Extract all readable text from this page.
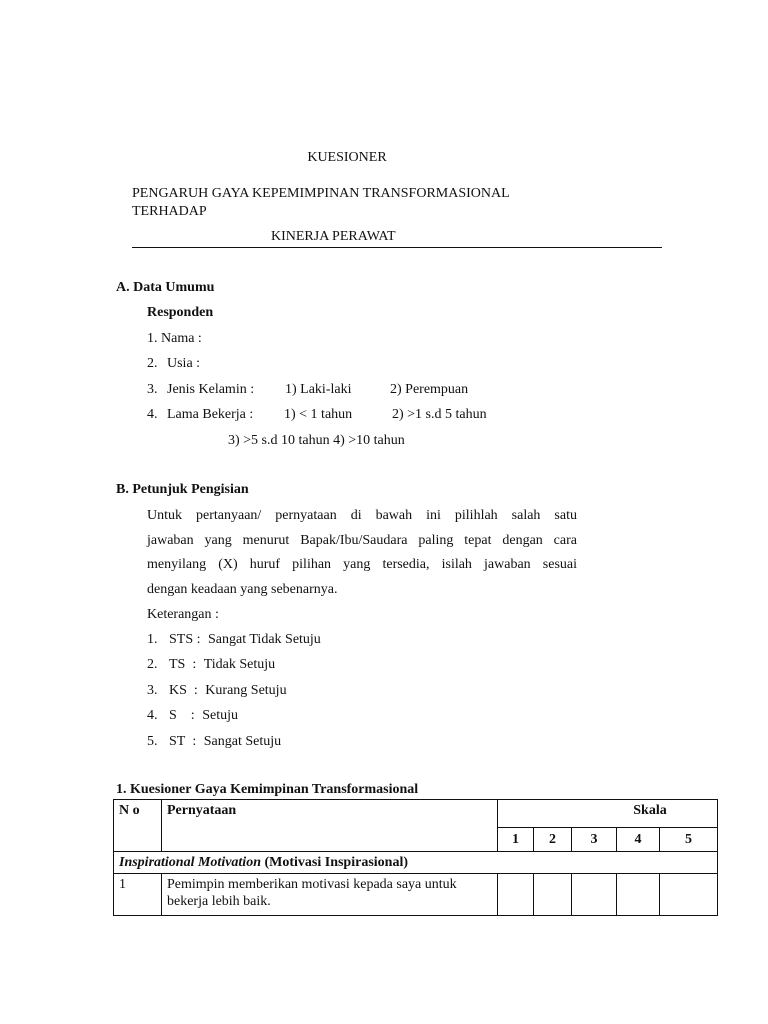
KUESIONER
PENGARUH GAYA KEPEMIMPINAN TRANSFORMASIONAL
TERHADAP
KINERJA PERAWAT
A. Data Umumu
Responden
1. Nama :
2. Usia :
3. Jenis Kelamin : 1) Laki-laki	2) Perempuan
4. Lama Bekerja : 1) < 1 tahun	2) >1 s.d 5 tahun
3) >5 s.d 10 tahun 4) >10 tahun
B. Petunjuk Pengisian
Untuk pertanyaan/ pernyataan di bawah ini pilihlah salah satu
jawaban yang menurut Bapak/Ibu/Saudara paling tepat dengan cara
menyilang (X) huruf pilihan yang tersedia, isilah jawaban sesuai
dengan keadaan yang sebenarnya.
Keterangan :
1. STS : Sangat Tidak Setuju
2. TS  : Tidak Setuju
3. KS  : Kurang Setuju
4. S    : Setuju
5. ST  : Sangat Setuju
1. Kuesioner Gaya Kemimpinan Transformasional
N o	Pernyataan	Skala				
		1	2	3	4	5
Inspirational Motivation (Motivasi Inspirasional)						
1	Pemimpin memberikan motivasi kepada saya untuk bekerja lebih baik.					
